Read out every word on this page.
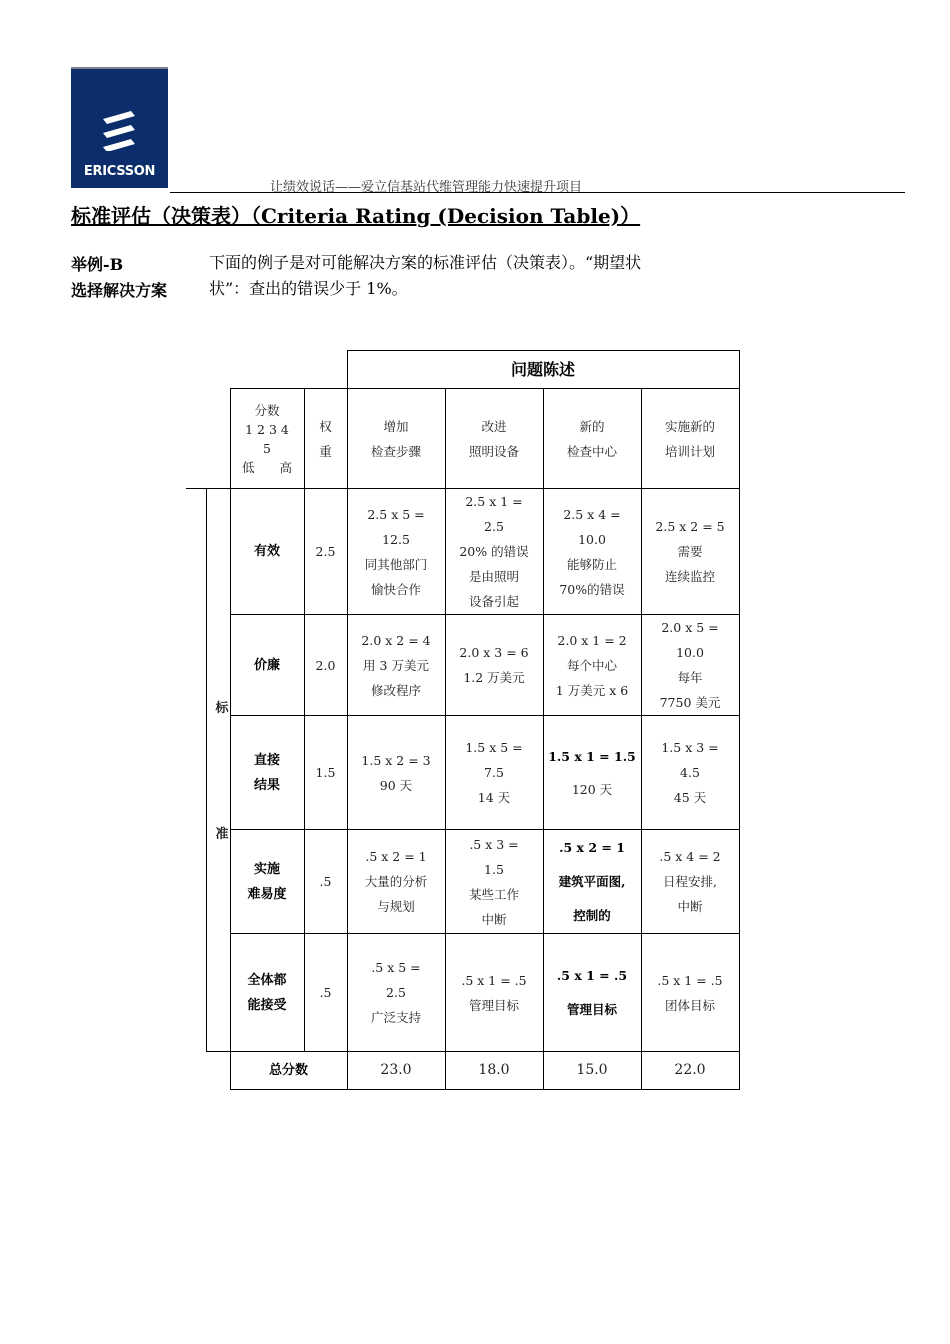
ERICSSON
让绩效说话——爱立信基站代维管理能力快速提升项目
标准评估（决策表）（Criteria Rating (Decision Table)）
举例-B
选择解决方案
下面的例子是对可能解决方案的标准评估（决策表）。“期望状
状”：查出的错误少于 1%。
				问题陈述			

		分数
1 2 3 4
5
低　　高	权
重	增加
检查步骤	改进
照明设备	新的
检查中心	实施新的
培训计划

	标
准	有效	2.5	2.5 x 5 =
12.5
同其他部门
愉快合作	2.5 x 1 =
2.5
20% 的错误
是由照明
设备引起	2.5 x 4 =
10.0
能够防止
70%的错误	2.5 x 2 = 5
需要
连续监控

		价廉	2.0	2.0 x 2 = 4
用 3 万美元
修改程序	2.0 x 3 = 6
1.2 万美元	2.0 x 1 = 2
每个中心
1 万美元 x 6	2.0 x 5 =
10.0
每年
7750 美元

		直接
结果	1.5	1.5 x 2 = 3
90 天	1.5 x 5 =
7.5
14 天	1.5 x 1 = 1.5
120 天	1.5 x 3 =
4.5
45 天

		实施
难易度	.5	.5 x 2 = 1
大量的分析
与规划	.5 x 3 =
1.5
某些工作
中断	.5 x 2 = 1
建筑平面图,
控制的	.5 x 4 = 2
日程安排,
中断

		全体都
能接受	.5	.5 x 5 =
2.5
广泛支持	.5 x 1 = .5
管理目标	.5 x 1 = .5
管理目标	.5 x 1 = .5
团体目标

		总分数		23.0	18.0	15.0	22.0
